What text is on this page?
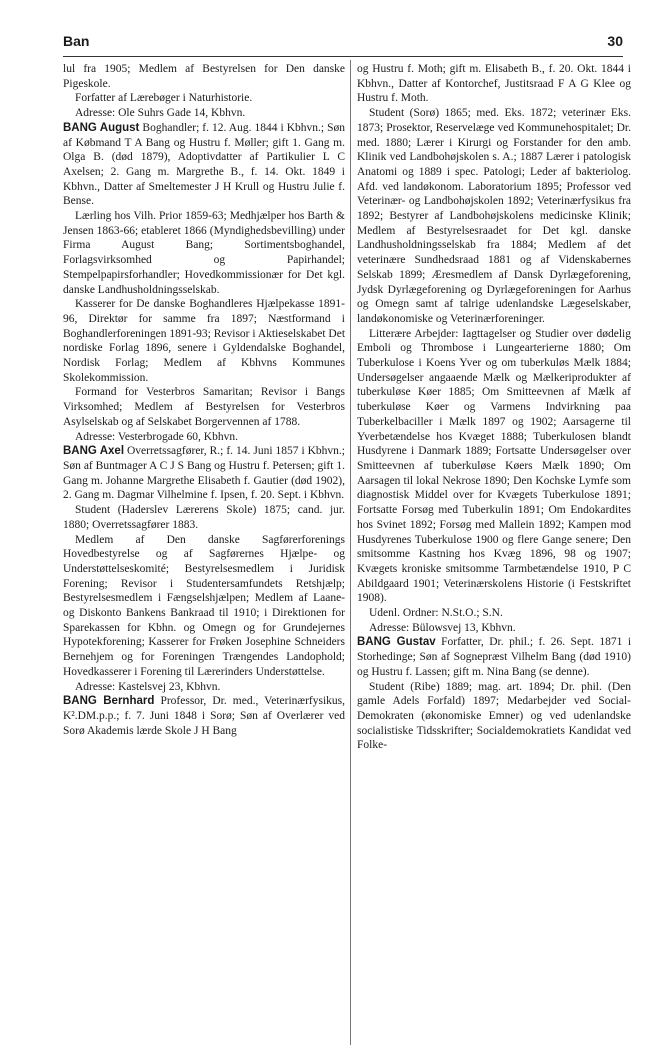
Ban	30

lul fra 1905; Medlem af Bestyrelsen for Den danske Pigeskole.

Forfatter af Lærebøger i Naturhistorie.

Adresse: Ole Suhrs Gade 14, Kbhvn.

BANG August Boghandler; f. 12. Aug. 1844 i Kbhvn.; Søn af Købmand T A Bang og Hustru f. Møller; gift 1. Gang m. Olga B. (død 1879), Adoptivdatter af Partikulier L C Axelsen; 2. Gang m. Margrethe B., f. 14. Okt. 1849 i Kbhvn., Datter af Smeltemester J H Krull og Hustru Julie f. Bense.

Lærling hos Vilh. Prior 1859-63; Medhjælper hos Barth & Jensen 1863-66; etableret 1866 (Myndighedsbevilling) under Firma August Bang; Sortimentsboghandel, Forlagsvirksomhed og Papirhandel; Stempelpapirsforhandler; Hovedkommissionær for Det kgl. danske Landhusholdningsselskab.

Kasserer for De danske Boghandleres Hjælpekasse 1891-96, Direktør for samme fra 1897; Næstformand i Boghandlerforeningen 1891-93; Revisor i Aktieselskabet Det nordiske Forlag 1896, senere i Gyldendalske Boghandel, Nordisk Forlag; Medlem af Kbhvns Kommunes Skolekommission.

Formand for Vesterbros Samaritan; Revisor i Bangs Virksomhed; Medlem af Bestyrelsen for Vesterbros Asylselskab og af Selskabet Borgervennen af 1788.

Adresse: Vesterbrogade 60, Kbhvn.

BANG Axel Overretssagfører, R.; f. 14. Juni 1857 i Kbhvn.; Søn af Buntmager A C J S Bang og Hustru f. Petersen; gift 1. Gang m. Johanne Margrethe Elisabeth f. Gautier (død 1902), 2. Gang m. Dagmar Vilhelmine f. Ipsen, f. 20. Sept. i Kbhvn.

Student (Haderslev Lærerens Skole) 1875; cand. jur. 1880; Overretssagfører 1883.

Medlem af Den danske Sagførerforenings Hovedbestyrelse og af Sagførernes Hjælpe- og Understøttelseskomité; Bestyrelsesmedlem i Juridisk Forening; Revisor i Studentersamfundets Retshjælp; Bestyrelsesmedlem i Fængselshjælpen; Medlem af Laane- og Diskonto Bankens Bankraad til 1910; i Direktionen for Sparekassen for Kbhn. og Omegn og for Grundejernes Hypotekforening; Kasserer for Frøken Josephine Schneiders Bernehjem og for Foreningen Trængendes Landophold; Hovedkasserer i Forening til Lærerinders Understøttelse.

Adresse: Kastelsvej 23, Kbhvn.

BANG Bernhard Professor, Dr. med., Veterinærfysikus, K².DM.p.p.; f. 7. Juni 1848 i Sorø; Søn af Overlærer ved Sorø Akademis lærde Skole J H Bang

og Hustru f. Moth; gift m. Elisabeth B., f. 20. Okt. 1844 i Kbhvn., Datter af Kontorchef, Justitsraad F A G Klee og Hustru f. Moth.

Student (Sorø) 1865; med. Eks. 1872; veterinær Eks. 1873; Prosektor, Reservelæge ved Kommunehospitalet; Dr. med. 1880; Lærer i Kirurgi og Forstander for den amb. Klinik ved Landbohøjskolen s. A.; 1887 Lærer i patologisk Anatomi og 1889 i spec. Patologi; Leder af bakteriolog. Afd. ved landøkonom. Laboratorium 1895; Professor ved Veterinær- og Landbohøjskolen 1892; Veterinærfysikus fra 1892; Bestyrer af Landbohøjskolens medicinske Klinik; Medlem af Bestyrelsesraadet for Det kgl. danske Landhusholdningsselskab fra 1884; Medlem af det veterinære Sundhedsraad 1881 og af Videnskabernes Selskab 1899; Æresmedlem af Dansk Dyrlægeforening, Jydsk Dyrlægeforening og Dyrlægeforeningen for Aarhus og Omegn samt af talrige udenlandske Lægeselskaber, landøkonomiske og Veterinærforeninger.

Litterære Arbejder: Iagttagelser og Studier over dødelig Emboli og Thrombose i Lungearterierne 1880; Om Tuberkulose i Koens Yver og om tuberkuløs Mælk 1884; Undersøgelser angaaende Mælk og Mælkeriprodukter af tuberkuløse Køer 1885; Om Smitteevnen af Mælk af tuberkuløse Køer og Varmens Indvirkning paa Tuberkelbaciller i Mælk 1897 og 1902; Aarsagerne til Yverbetændelse hos Kvæget 1888; Tuberkulosen blandt Husdyrene i Danmark 1889; Fortsatte Undersøgelser over Smitteevnen af tuberkuløse Køers Mælk 1890; Om Aarsagen til lokal Nekrose 1890; Den Kochske Lymfe som diagnostisk Middel over for Kvægets Tuberkulose 1891; Fortsatte Forsøg med Tuberkulin 1891; Om Endokardites hos Svinet 1892; Forsøg med Mallein 1892; Kampen mod Husdyrenes Tuberkulose 1900 og flere Gange senere; Den smitsomme Kastning hos Kvæg 1896, 98 og 1907; Kvægets kroniske smitsomme Tarmbetændelse 1910, P C Abildgaard 1901; Veterinærskolens Historie (i Festskriftet 1908).

Udenl. Ordner: N.St.O.; S.N.

Adresse: Bülowsvej 13, Kbhvn.

BANG Gustav Forfatter, Dr. phil.; f. 26. Sept. 1871 i Storhedinge; Søn af Sognepræst Vilhelm Bang (død 1910) og Hustru f. Lassen; gift m. Nina Bang (se denne).

Student (Ribe) 1889; mag. art. 1894; Dr. phil. (Den gamle Adels Forfald) 1897; Medarbejder ved Social-Demokraten (økonomiske Emner) og ved udenlandske socialistiske Tidsskrifter; Socialdemokratiets Kandidat ved Folke-
